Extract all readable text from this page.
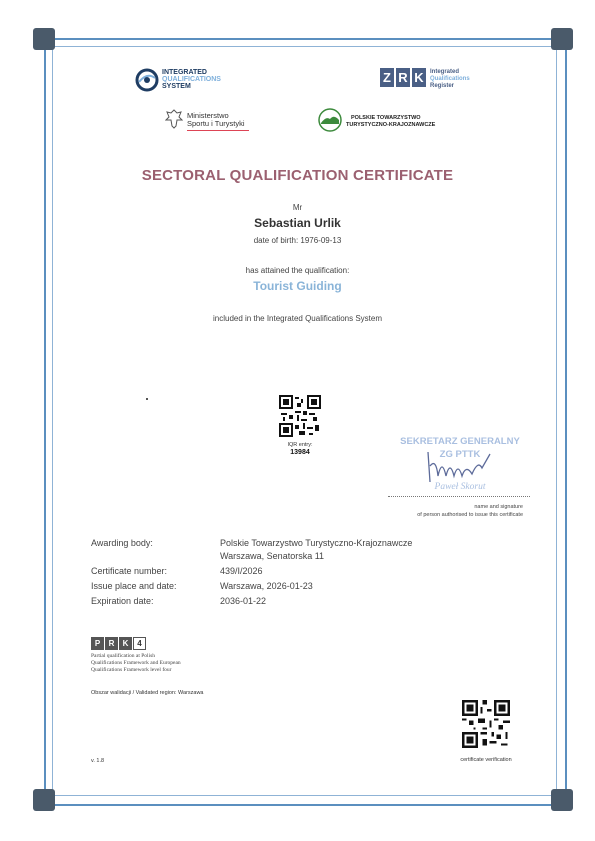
INTEGRATED
QUALIFICATIONS
SYSTEM
Z R K	Integrated
Qualifications
Register
Ministerstwo
Sportu i Turystyki
POLSKIE TOWARZYSTWO
TURYSTYCZNO-KRAJOZNAWCZE
SECTORAL QUALIFICATION CERTIFICATE
Mr
Sebastian Urlik
date of birth: 1976-09-13
has attained the qualification:
Tourist Guiding
included in the Integrated Qualifications System
IQR entry:
13984
SEKRETARZ GENERALNY
ZG PTTK
Paweł Skorut
name and signature
of person authorised to issue this certificate
Awarding body:	Polskie Towarzystwo Turystyczno-Krajoznawcze
Warszawa, Senatorska 11
Certificate number:	439/I/2026
Issue place and date:	Warszawa, 2026-01-23
Expiration date:	2036-01-22
P	R	K	4
Partial qualification at Polish
Qualifications Framework and European
Qualifications Framework level four
Obszar walidacji / Validated region: Warszawa
certificate verification
v. 1.8
